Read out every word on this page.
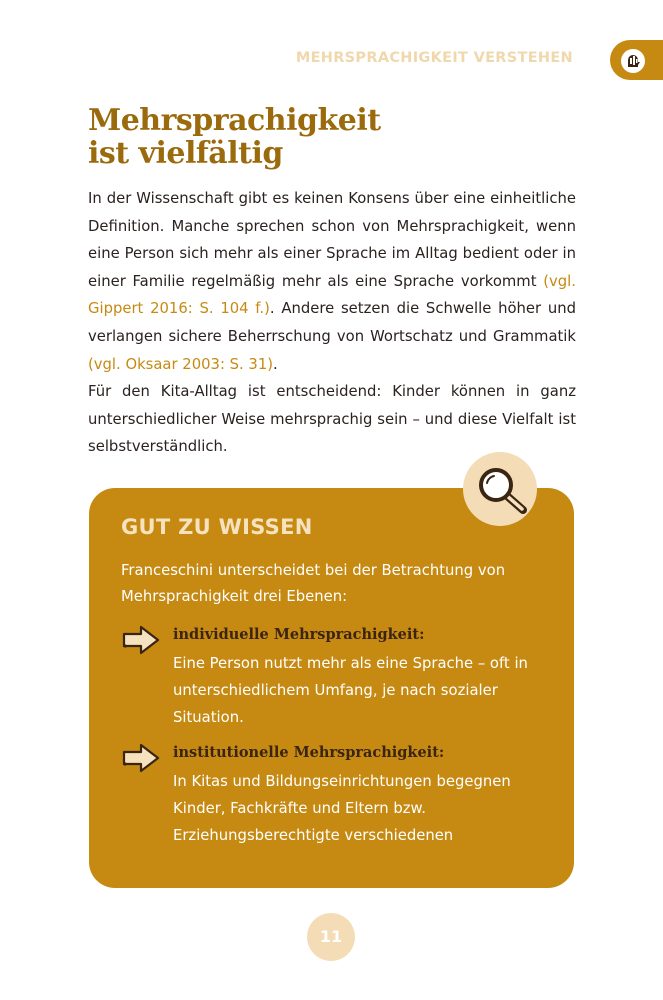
MEHRSPRACHIGKEIT VERSTEHEN
Mehrsprachigkeit
ist vielfältig

In der Wissenschaft gibt es keinen Konsens über eine einheitliche Definition. Manche sprechen schon von Mehrsprachigkeit, wenn eine Person sich mehr als einer Sprache im Alltag bedient oder in einer Familie regelmäßig mehr als eine Sprache vorkommt (vgl. Gippert 2016: S. 104 f.). Andere setzen die Schwelle höher und verlangen sichere Beherrschung von Wortschatz und Grammatik (vgl. Oksaar 2003: S. 31).

Für den Kita-Alltag ist entscheidend: Kinder können in ganz unterschiedlicher Weise mehrsprachig sein – und diese Vielfalt ist selbstverständlich.

GUT ZU WISSEN
Franceschini unterscheidet bei der Betrachtung von Mehrsprachigkeit drei Ebenen:
individuelle Mehrsprachigkeit:
Eine Person nutzt mehr als eine Sprache – oft in unterschiedlichem Umfang, je nach sozialer Situation.
institutionelle Mehrsprachigkeit:
In Kitas und Bildungseinrichtungen begegnen Kinder, Fachkräfte und Eltern bzw. Erziehungsberechtigte verschiedenen
11
